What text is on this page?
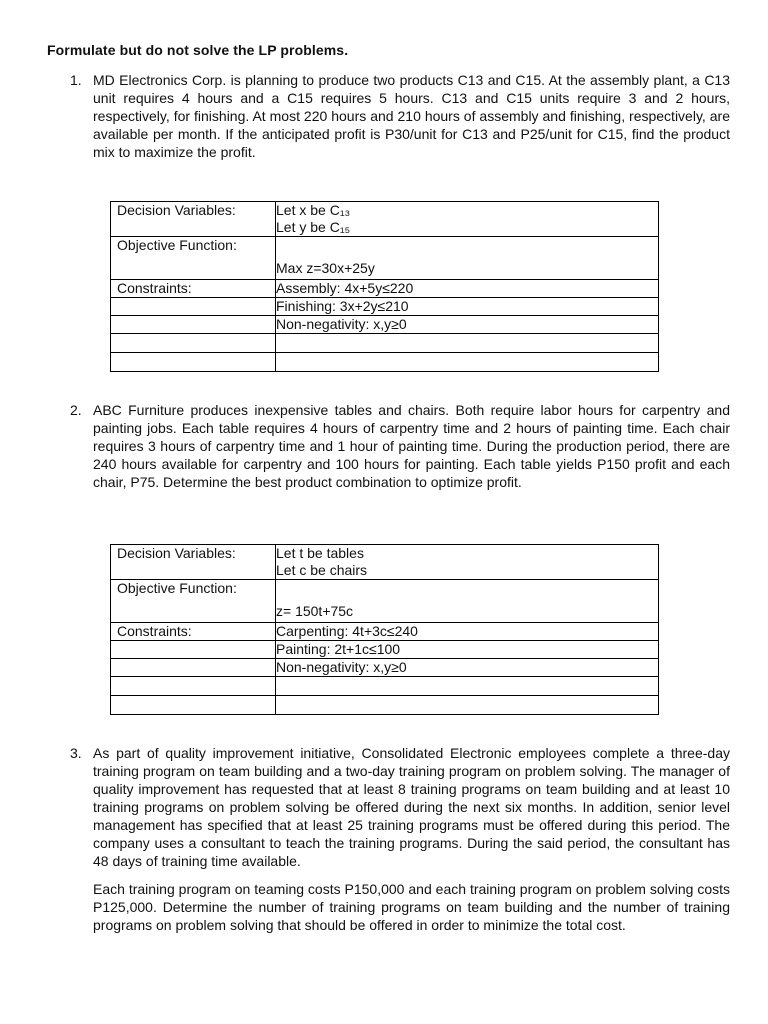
Formulate but do not solve the LP problems.
1. MD Electronics Corp. is planning to produce two products C13 and C15. At the assembly plant, a C13 unit requires 4 hours and a C15 requires 5 hours. C13 and C15 units require 3 and 2 hours, respectively, for finishing. At most 220 hours and 210 hours of assembly and finishing, respectively, are available per month. If the anticipated profit is P30/unit for C13 and P25/unit for C15, find the product mix to maximize the profit.

Decision Variables:	Let x be C₁₃
Let y be C₁₅

Objective Function:	Max z=30x+25y
Constraints:	Assembly: 4x+5y≤220
	Finishing: 3x+2y≤210
	Non-negativity: x,y≥0

2. ABC Furniture produces inexpensive tables and chairs. Both require labor hours for carpentry and painting jobs. Each table requires 4 hours of carpentry time and 2 hours of painting time. Each chair requires 3 hours of carpentry time and 1 hour of painting time. During the production period, there are 240 hours available for carpentry and 100 hours for painting. Each table yields P150 profit and each chair, P75. Determine the best product combination to optimize profit.

Decision Variables:	Let t be tables
Let c be chairs

Objective Function:	z= 150t+75c
Constraints:	Carpenting: 4t+3c≤240
	Painting: 2t+1c≤100
	Non-negativity: x,y≥0

3. As part of quality improvement initiative, Consolidated Electronic employees complete a three-day training program on team building and a two-day training program on problem solving. The manager of quality improvement has requested that at least 8 training programs on team building and at least 10 training programs on problem solving be offered during the next six months. In addition, senior level management has specified that at least 25 training programs must be offered during this period. The company uses a consultant to teach the training programs. During the said period, the consultant has 48 days of training time available.

Each training program on teaming costs P150,000 and each training program on problem solving costs P125,000. Determine the number of training programs on team building and the number of training programs on problem solving that should be offered in order to minimize the total cost.
